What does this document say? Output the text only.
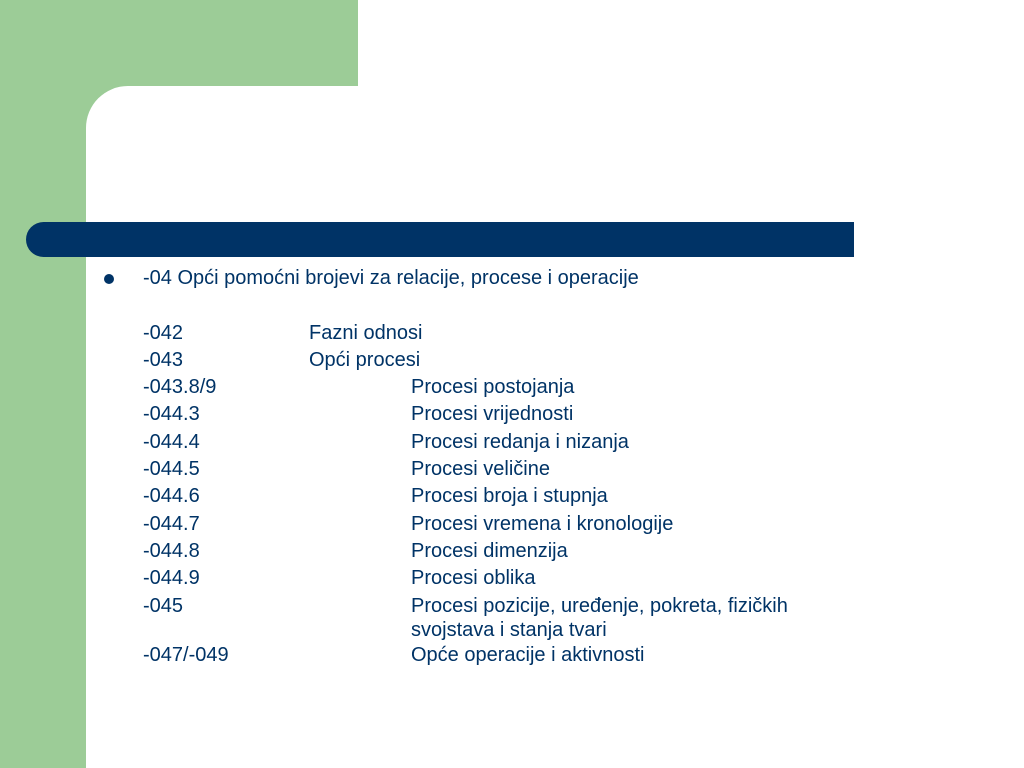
-04 Opći pomoćni brojevi za relacije, procese i operacije
-042	Fazni odnosi
-043	Opći procesi
-043.8/9	Procesi postojanja
-044.3	Procesi vrijednosti
-044.4	Procesi redanja i nizanja
-044.5	Procesi veličine
-044.6	Procesi broja i stupnja
-044.7	Procesi vremena i kronologije
-044.8	Procesi dimenzija
-044.9	Procesi oblika
-045	Procesi pozicije, uređenje, pokreta, fizičkih svojstava i stanja tvari
-047/-049	Opće operacije i aktivnosti
